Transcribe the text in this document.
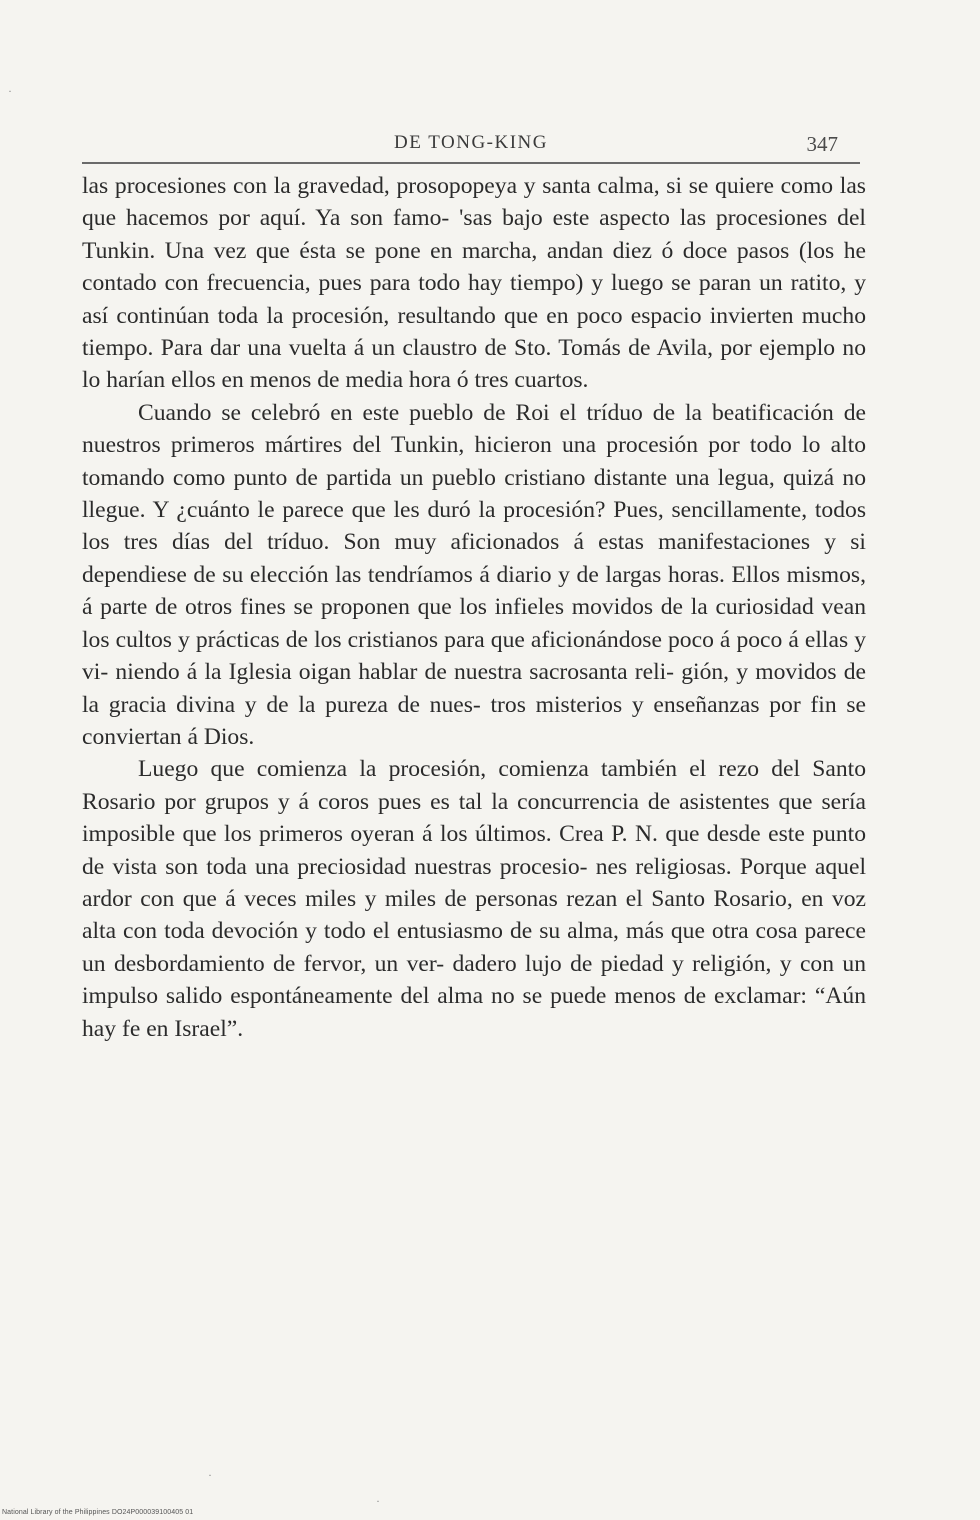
DE TONG-KING	347

las procesiones con la gravedad, prosopopeya y santa calma, si se quiere como las que hacemos por aquí. Ya son famo- 'sas bajo este aspecto las procesiones del Tunkin. Una vez que ésta se pone en marcha, andan diez ó doce pasos (los he contado con frecuencia, pues para todo hay tiempo) y luego se paran un ratito, y así continúan toda la procesión, resultando que en poco espacio invierten mucho tiempo. Para dar una vuelta á un claustro de Sto. Tomás de Avila, por ejemplo no lo harían ellos en menos de media hora ó tres cuartos.

Cuando se celebró en este pueblo de Roi el tríduo de la beatificación de nuestros primeros mártires del Tunkin, hicieron una procesión por todo lo alto tomando como punto de partida un pueblo cristiano distante una legua, quizá no llegue. Y ¿cuánto le parece que les duró la procesión? Pues, sencillamente, todos los tres días del tríduo. Son muy aficionados á estas manifestaciones y si dependiese de su elección las tendríamos á diario y de largas horas. Ellos mismos, á parte de otros fines se proponen que los infieles movidos de la curiosidad vean los cultos y prácticas de los cristianos para que aficionándose poco á poco á ellas y vi- niendo á la Iglesia oigan hablar de nuestra sacrosanta reli- gión, y movidos de la gracia divina y de la pureza de nues- tros misterios y enseñanzas por fin se conviertan á Dios.

Luego que comienza la procesión, comienza también el rezo del Santo Rosario por grupos y á coros pues es tal la concurrencia de asistentes que sería imposible que los primeros oyeran á los últimos. Crea P. N. que desde este punto de vista son toda una preciosidad nuestras procesio- nes religiosas. Porque aquel ardor con que á veces miles y miles de personas rezan el Santo Rosario, en voz alta con toda devoción y todo el entusiasmo de su alma, más que otra cosa parece un desbordamiento de fervor, un ver- dadero lujo de piedad y religión, y con un impulso salido espontáneamente del alma no se puede menos de exclamar: “Aún hay fe en Israel”.

·
·
·
National Library of the Philippines DO24P000039100405 01
